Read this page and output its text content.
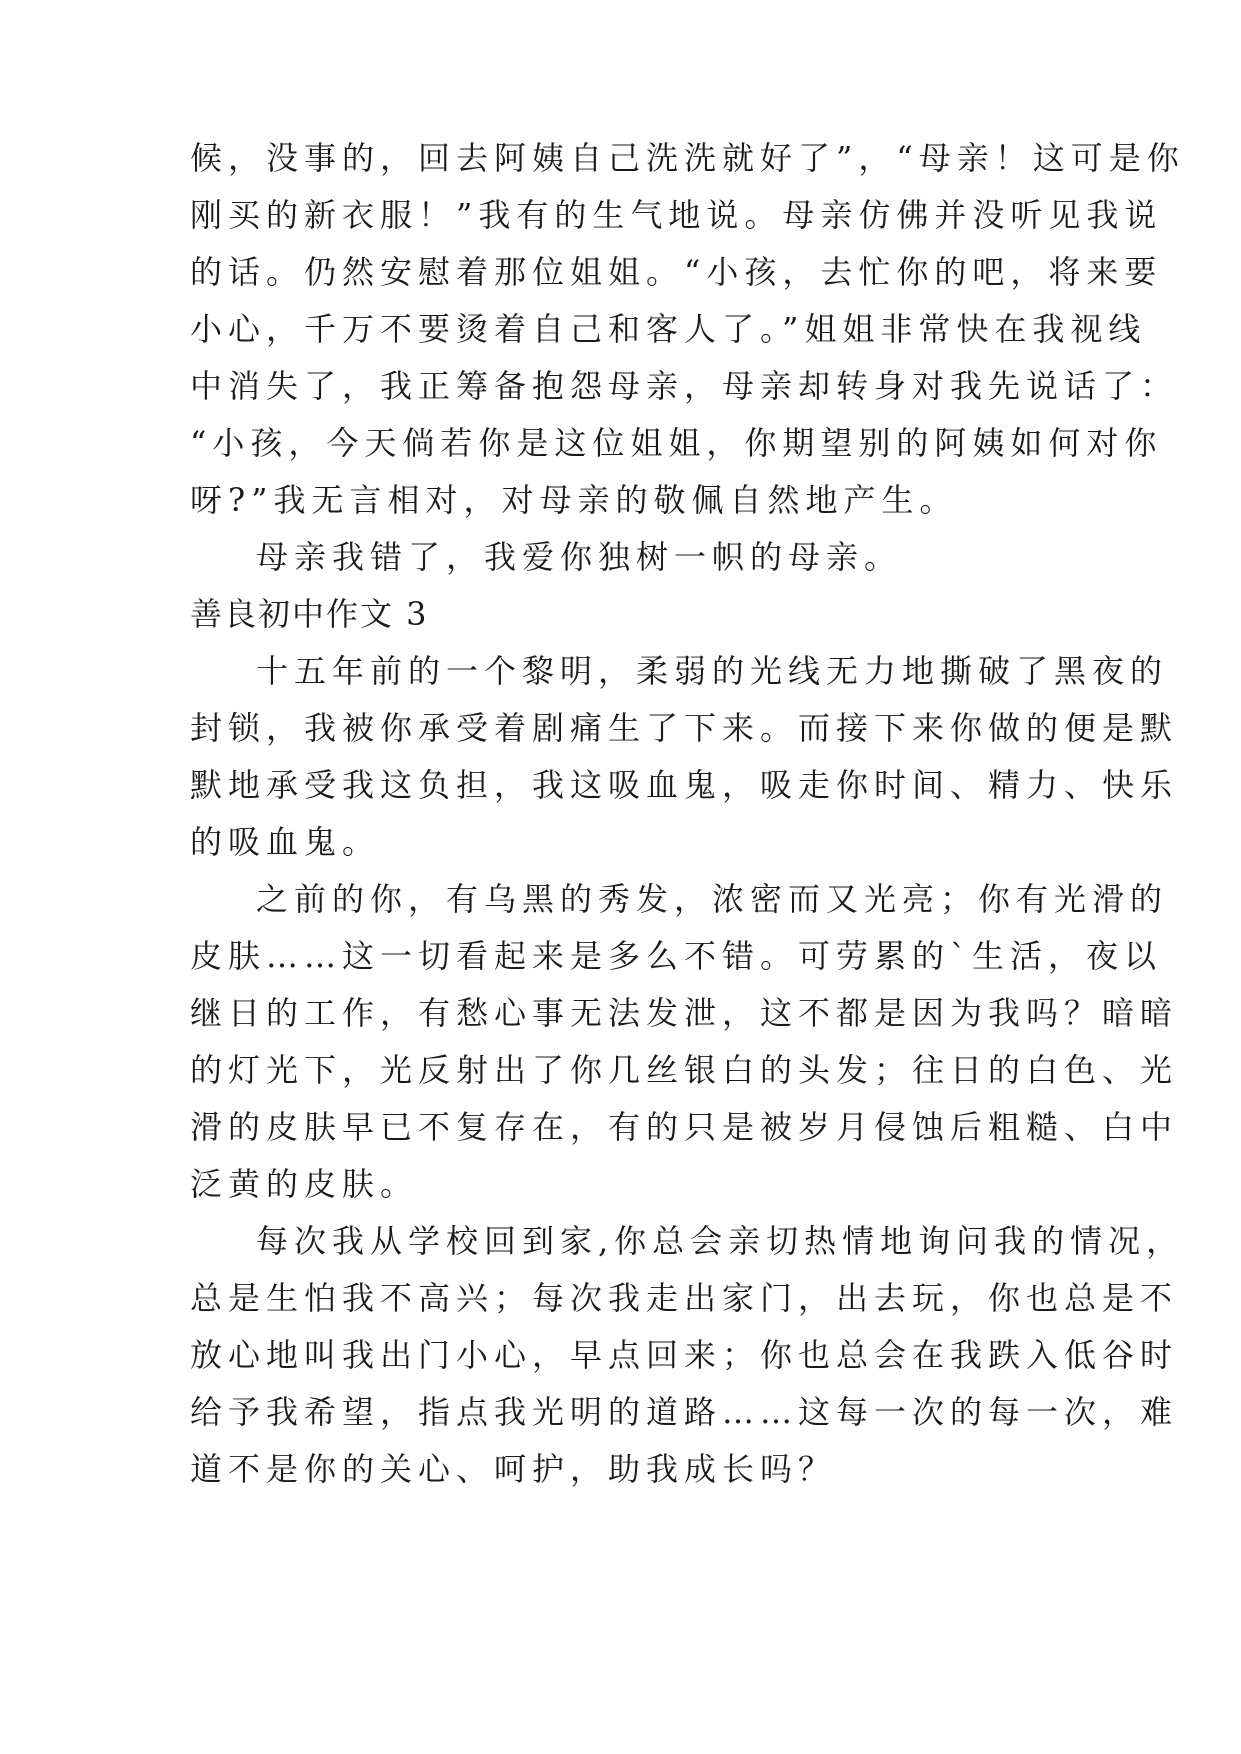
候，没事的，回去阿姨自己洗洗就好了”，“母亲！这可是你
刚买的新衣服！”我有的生气地说。母亲仿佛并没听见我说
的话。仍然安慰着那位姐姐。“小孩，去忙你的吧，将来要
小心，千万不要烫着自己和客人了。”姐姐非常快在我视线
中消失了，我正筹备抱怨母亲，母亲却转身对我先说话了：
“小孩，今天倘若你是这位姐姐，你期望别的阿姨如何对你
呀?”我无言相对，对母亲的敬佩自然地产生。
母亲我错了，我爱你独树一帜的母亲。
善良初中作文 3
十五年前的一个黎明，柔弱的光线无力地撕破了黑夜的
封锁，我被你承受着剧痛生了下来。而接下来你做的便是默
默地承受我这负担，我这吸血鬼，吸走你时间、精力、快乐
的吸血鬼。
之前的你，有乌黑的秀发，浓密而又光亮；你有光滑的
皮肤……这一切看起来是多么不错。可劳累的`生活，夜以
继日的工作，有愁心事无法发泄，这不都是因为我吗？暗暗
的灯光下，光反射出了你几丝银白的头发；往日的白色、光
滑的皮肤早已不复存在，有的只是被岁月侵蚀后粗糙、白中
泛黄的皮肤。
每次我从学校回到家,你总会亲切热情地询问我的情况，
总是生怕我不高兴；每次我走出家门，出去玩，你也总是不
放心地叫我出门小心，早点回来；你也总会在我跌入低谷时
给予我希望，指点我光明的道路……这每一次的每一次，难
道不是你的关心、呵护，助我成长吗？
